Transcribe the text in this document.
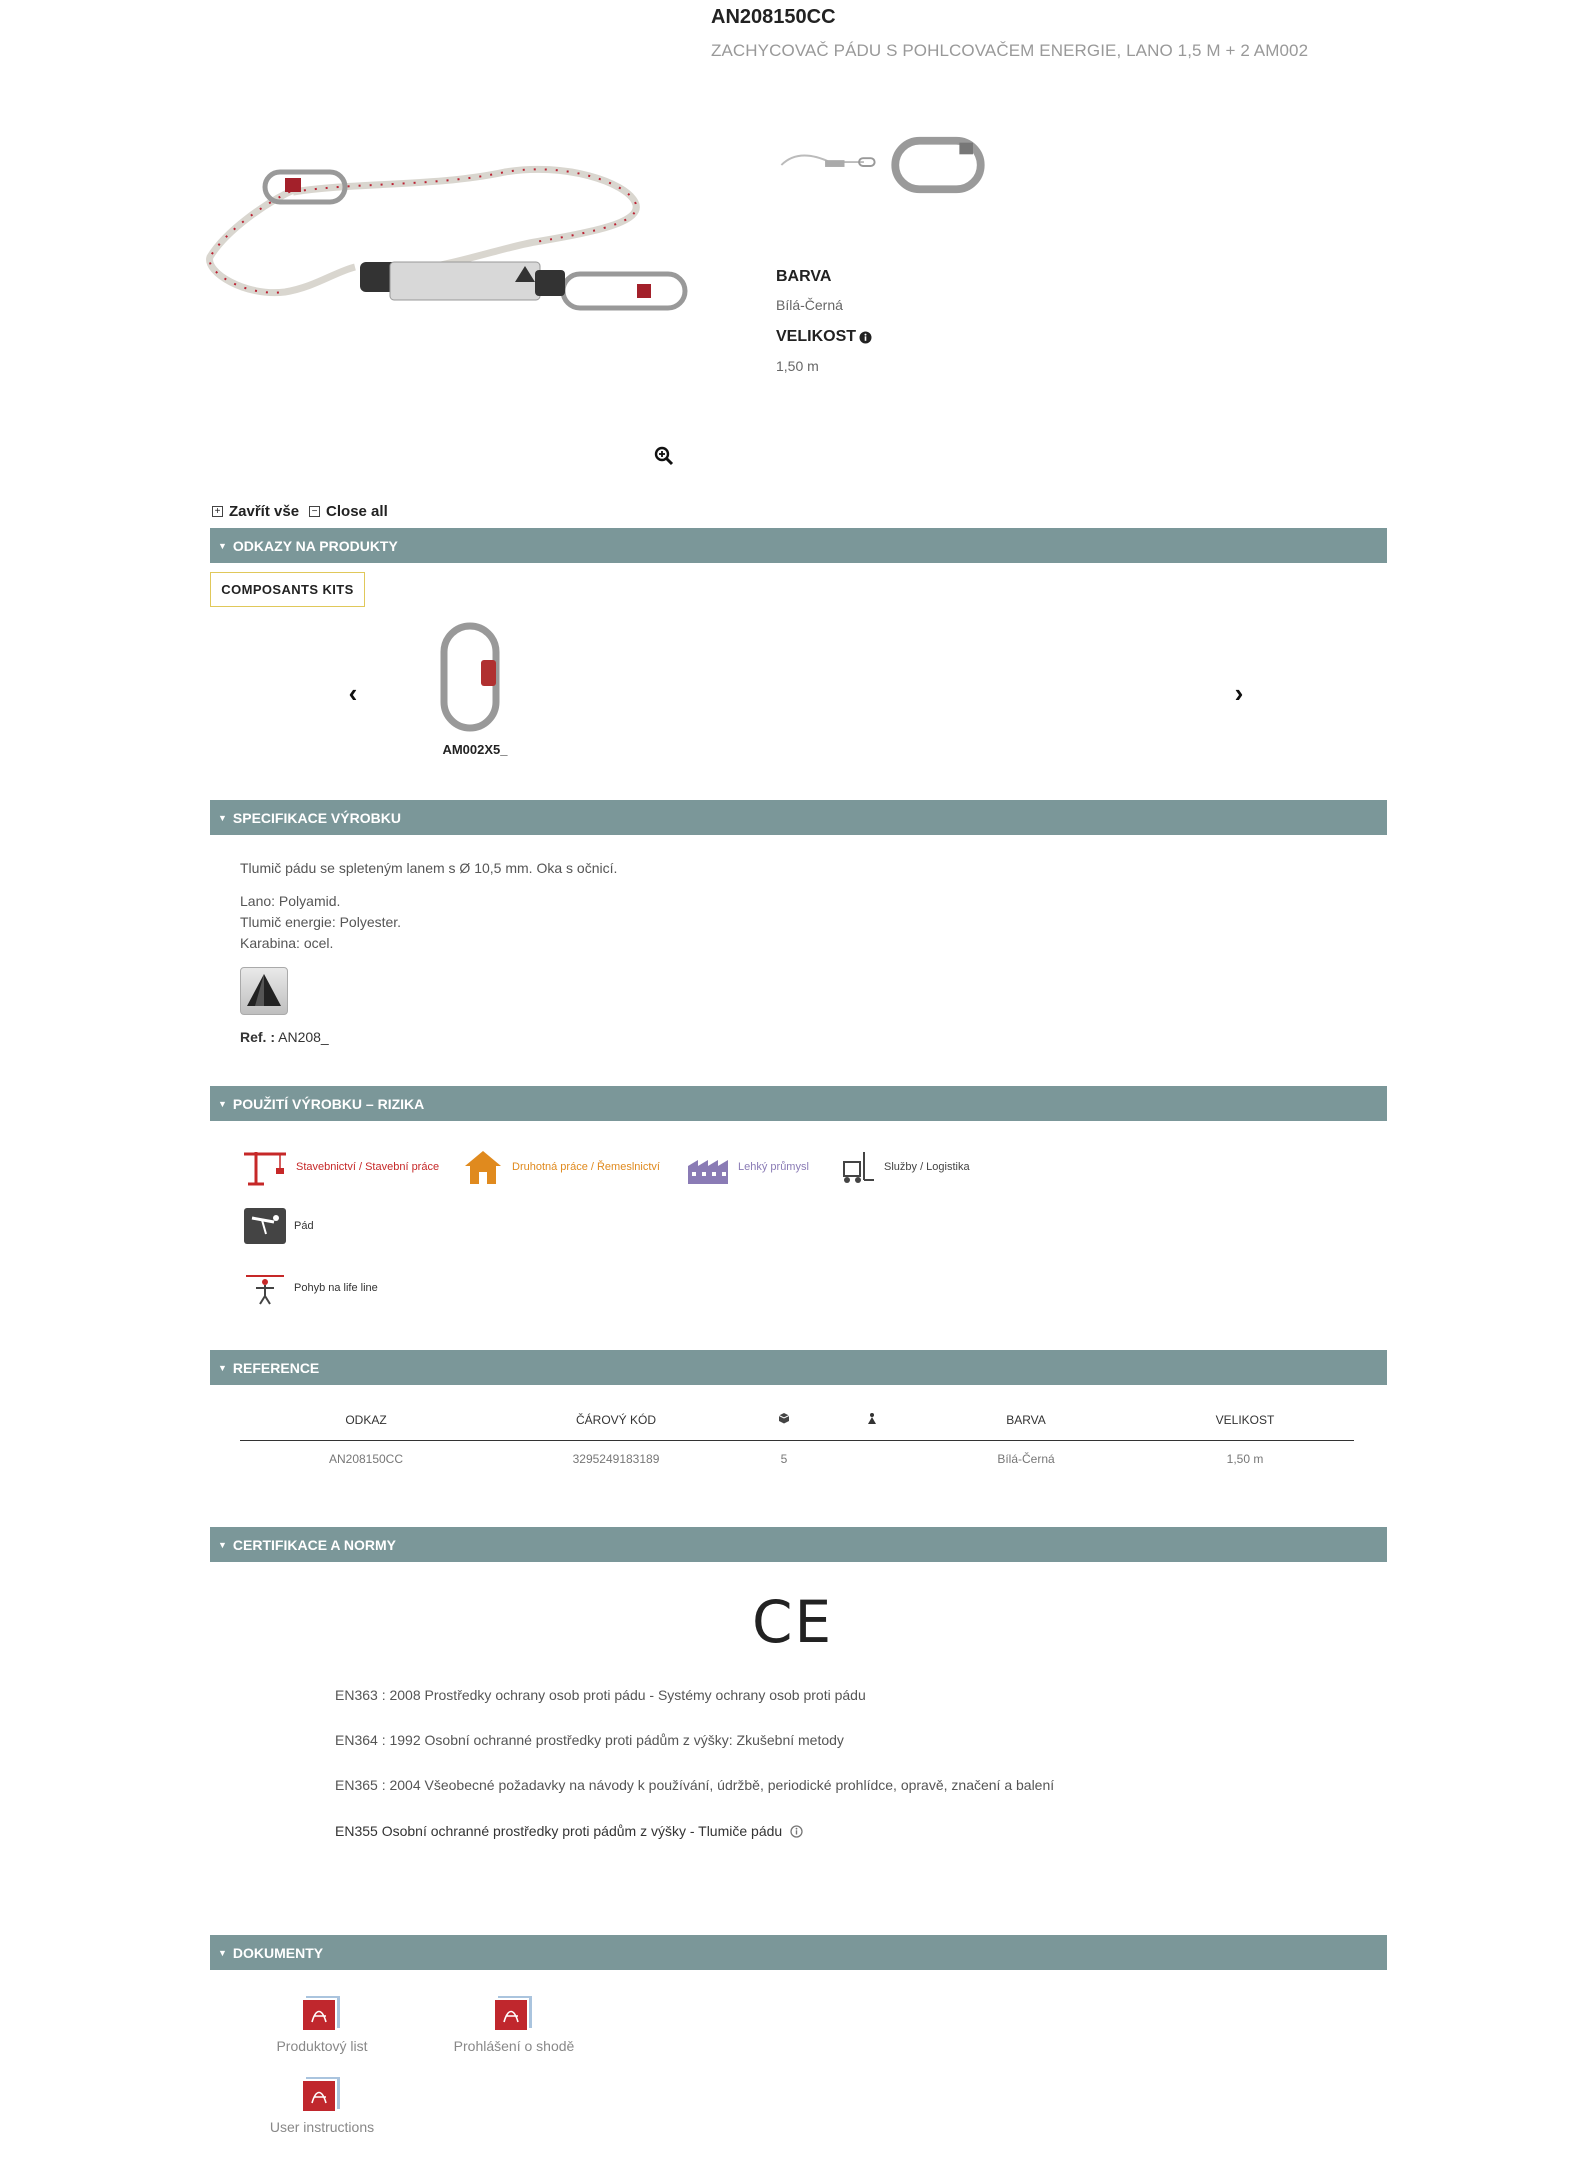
AN208150CC
ZACHYCOVAČ PÁDU S POHLCOVAČEM ENERGIE, LANO 1,5 M + 2 AM002
BARVA
Bílá-Černá
VELIKOST
1,50 m
+ Zavřít vše − Close all
▼ ODKAZY NA PRODUKTY
COMPOSANTS KITS
‹	›
AM002X5_
▼ SPECIFIKACE VÝROBKU
Tlumič pádu se spleteným lanem s Ø 10,5 mm. Oka s očnicí.
Lano: Polyamid.
Tlumič energie: Polyester.
Karabina: ocel.
Ref. : AN208_
▼ POUŽITÍ VÝROBKU – RIZIKA
Stavebnictví / Stavební práce	Druhotná práce / Řemeslnictví	Lehký průmysl	Služby / Logistika
Pád
Pohyb na life line
▼ REFERENCE
ODKAZ	ČÁROVÝ KÓD			BARVA	VELIKOST
AN208150CC	3295249183189	5		Bílá-Černá	1,50 m
▼ CERTIFIKACE A NORMY
CE
EN363 : 2008 Prostředky ochrany osob proti pádu - Systémy ochrany osob proti pádu
EN364 : 1992 Osobní ochranné prostředky proti pádům z výšky: Zkušební metody
EN365 : 2004 Všeobecné požadavky na návody k používání, údržbě, periodické prohlídce, opravě, značení a balení
EN355 Osobní ochranné prostředky proti pádům z výšky - Tlumiče pádu
▼ DOKUMENTY
Produktový list	Prohlášení o shodě
User instructions
